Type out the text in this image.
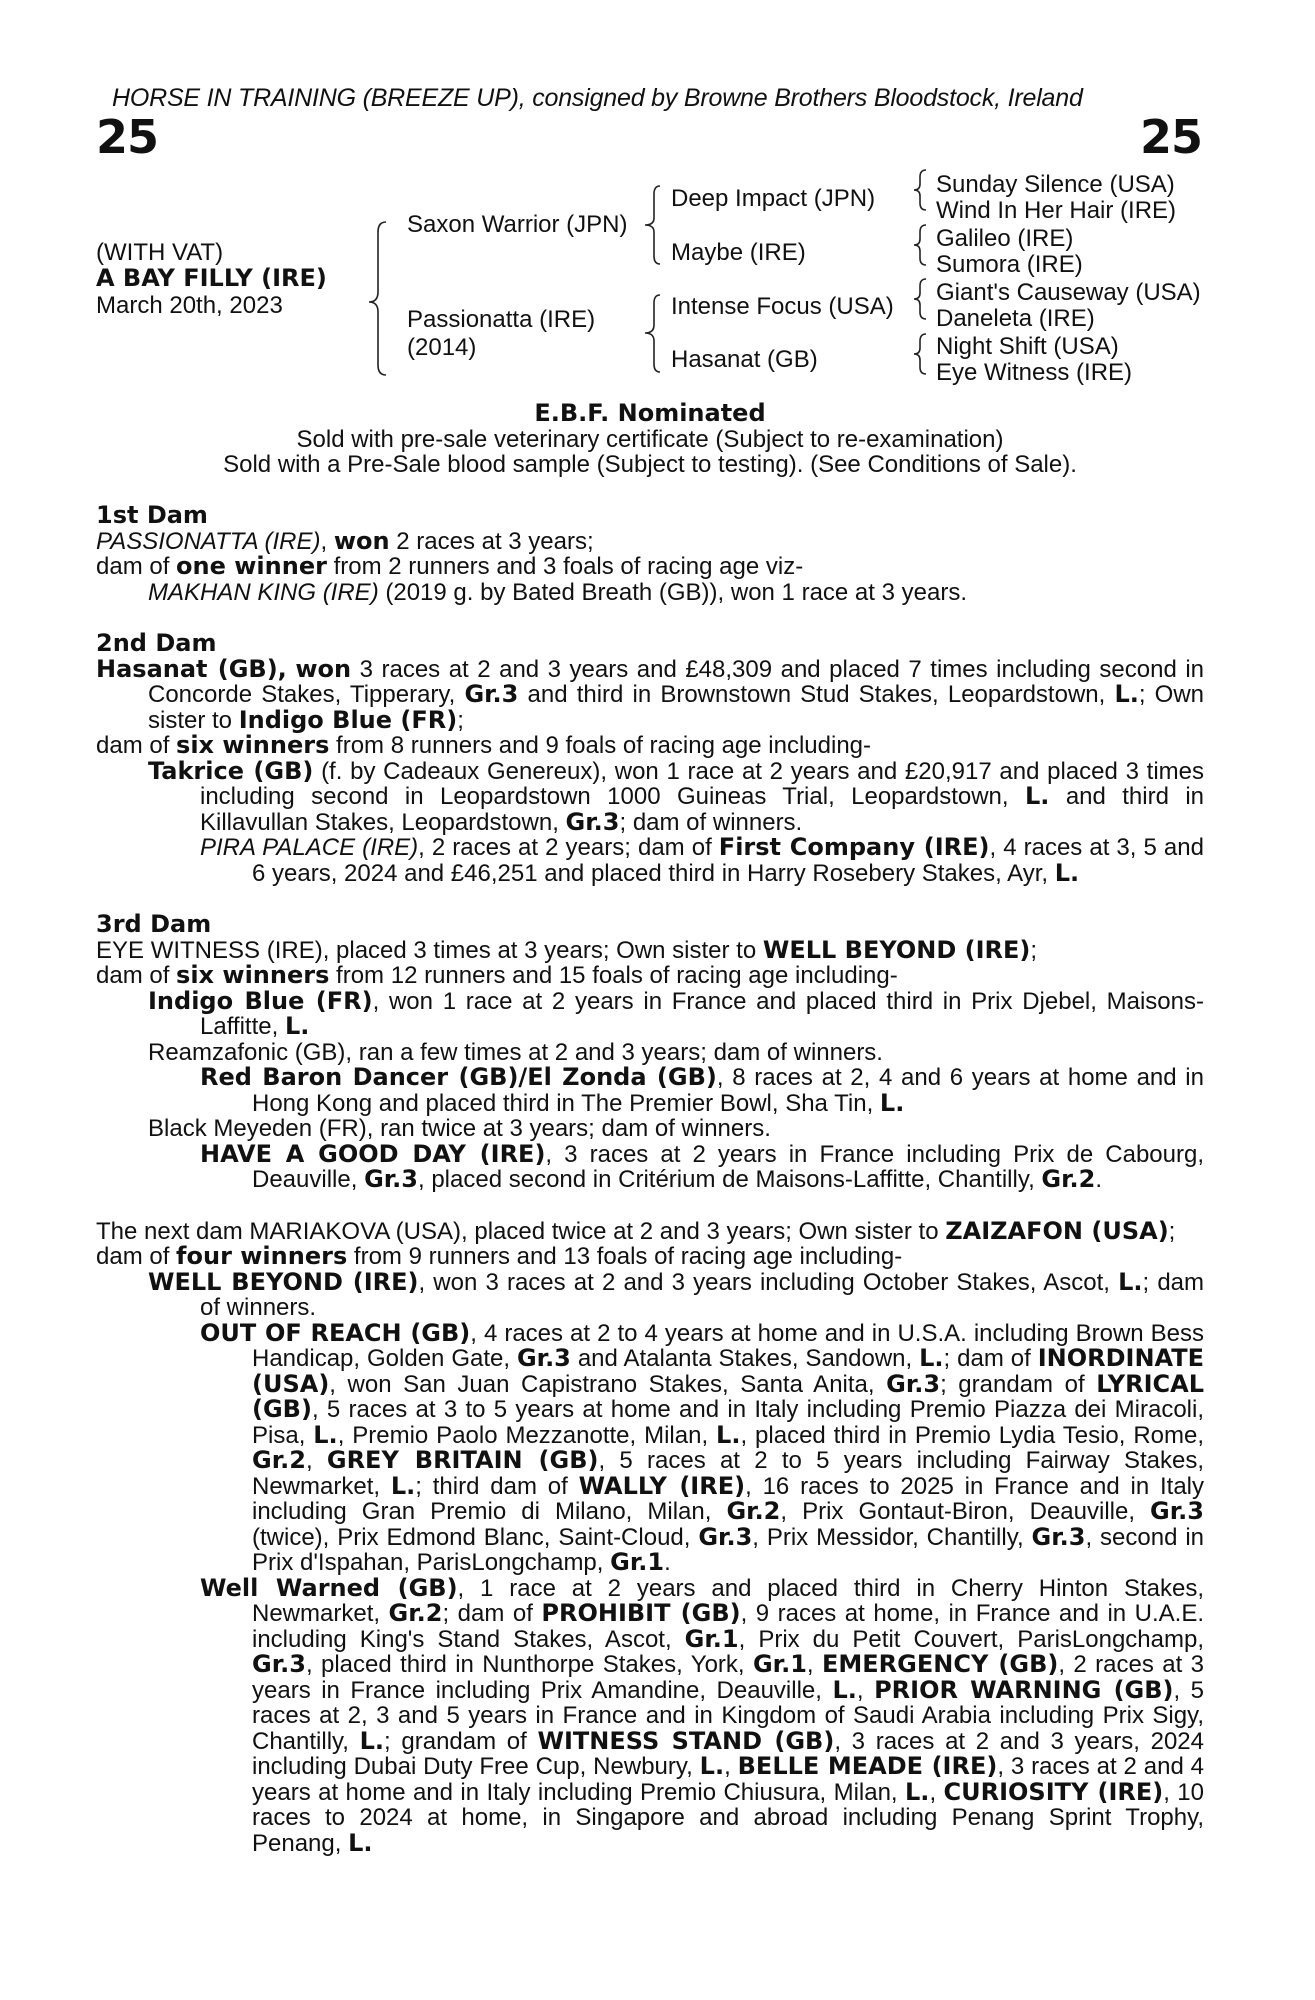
HORSE IN TRAINING (BREEZE UP), consigned by Browne Brothers Bloodstock, Ireland
25	25
(WITH VAT)
A BAY FILLY (IRE)
March 20th, 2023
Saxon Warrior (JPN)
Passionatta (IRE)
(2014)
Deep Impact (JPN)
Maybe (IRE)
Intense Focus (USA)
Hasanat (GB)
Sunday Silence (USA)
Wind In Her Hair (IRE)
Galileo (IRE)
Sumora (IRE)
Giant's Causeway (USA)
Daneleta (IRE)
Night Shift (USA)
Eye Witness (IRE)

E.B.F. Nominated

Sold with pre-sale veterinary certificate (Subject to re-examination)

Sold with a Pre-Sale blood sample (Subject to testing). (See Conditions of Sale).

1st Dam

PASSIONATTA (IRE), won 2 races at 3 years;

dam of one winner from 2 runners and 3 foals of racing age viz-

MAKHAN KING (IRE) (2019 g. by Bated Breath (GB)), won 1 race at 3 years.

2nd Dam

Hasanat (GB), won 3 races at 2 and 3 years and £48,309 and placed 7 times including second in Concorde Stakes, Tipperary, Gr.3 and third in Brownstown Stud Stakes, Leopardstown, L.; Own sister to Indigo Blue (FR);

dam of six winners from 8 runners and 9 foals of racing age including-

Takrice (GB) (f. by Cadeaux Genereux), won 1 race at 2 years and £20,917 and placed 3 times including second in Leopardstown 1000 Guineas Trial, Leopardstown, L. and third in Killavullan Stakes, Leopardstown, Gr.3; dam of winners.

PIRA PALACE (IRE), 2 races at 2 years; dam of First Company (IRE), 4 races at 3, 5 and 6 years, 2024 and £46,251 and placed third in Harry Rosebery Stakes, Ayr, L.

3rd Dam

EYE WITNESS (IRE), placed 3 times at 3 years; Own sister to WELL BEYOND (IRE);

dam of six winners from 12 runners and 15 foals of racing age including-

Indigo Blue (FR), won 1 race at 2 years in France and placed third in Prix Djebel, Maisons-Laffitte, L.

Reamzafonic (GB), ran a few times at 2 and 3 years; dam of winners.

Red Baron Dancer (GB)/El Zonda (GB), 8 races at 2, 4 and 6 years at home and in Hong Kong and placed third in The Premier Bowl, Sha Tin, L.

Black Meyeden (FR), ran twice at 3 years; dam of winners.

HAVE A GOOD DAY (IRE), 3 races at 2 years in France including Prix de Cabourg, Deauville, Gr.3, placed second in Critérium de Maisons-Laffitte, Chantilly, Gr.2.

The next dam MARIAKOVA (USA), placed twice at 2 and 3 years; Own sister to ZAIZAFON (USA);

dam of four winners from 9 runners and 13 foals of racing age including-

WELL BEYOND (IRE), won 3 races at 2 and 3 years including October Stakes, Ascot, L.; dam of winners.

OUT OF REACH (GB), 4 races at 2 to 4 years at home and in U.S.A. including Brown Bess Handicap, Golden Gate, Gr.3 and Atalanta Stakes, Sandown, L.; dam of INORDINATE (USA), won San Juan Capistrano Stakes, Santa Anita, Gr.3; grandam of LYRICAL (GB), 5 races at 3 to 5 years at home and in Italy including Premio Piazza dei Miracoli, Pisa, L., Premio Paolo Mezzanotte, Milan, L., placed third in Premio Lydia Tesio, Rome, Gr.2, GREY BRITAIN (GB), 5 races at 2 to 5 years including Fairway Stakes, Newmarket, L.; third dam of WALLY (IRE), 16 races to 2025 in France and in Italy including Gran Premio di Milano, Milan, Gr.2, Prix Gontaut-Biron, Deauville, Gr.3 (twice), Prix Edmond Blanc, Saint-Cloud, Gr.3, Prix Messidor, Chantilly, Gr.3, second in Prix d'Ispahan, ParisLongchamp, Gr.1.

Well Warned (GB), 1 race at 2 years and placed third in Cherry Hinton Stakes, Newmarket, Gr.2; dam of PROHIBIT (GB), 9 races at home, in France and in U.A.E. including King's Stand Stakes, Ascot, Gr.1, Prix du Petit Couvert, ParisLongchamp, Gr.3, placed third in Nunthorpe Stakes, York, Gr.1, EMERGENCY (GB), 2 races at 3 years in France including Prix Amandine, Deauville, L., PRIOR WARNING (GB), 5 races at 2, 3 and 5 years in France and in Kingdom of Saudi Arabia including Prix Sigy, Chantilly, L.; grandam of WITNESS STAND (GB), 3 races at 2 and 3 years, 2024 including Dubai Duty Free Cup, Newbury, L., BELLE MEADE (IRE), 3 races at 2 and 4 years at home and in Italy including Premio Chiusura, Milan, L., CURIOSITY (IRE), 10 races to 2024 at home, in Singapore and abroad including Penang Sprint Trophy, Penang, L.
